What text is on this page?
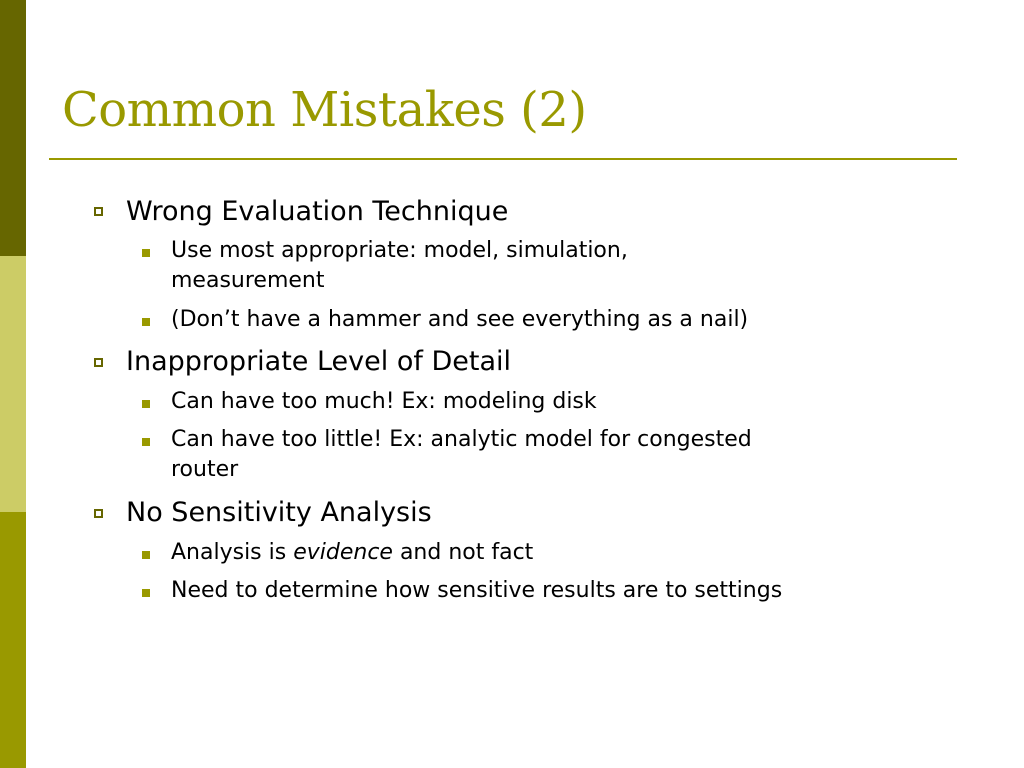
Common Mistakes (2)
Wrong Evaluation Technique
Use most appropriate: model, simulation,
measurement
(Don’t have a hammer and see everything as a nail)
Inappropriate Level of Detail
Can have too much! Ex: modeling disk
Can have too little! Ex: analytic model for congested
router
No Sensitivity Analysis
Analysis is evidence and not fact
Need to determine how sensitive results are to settings
